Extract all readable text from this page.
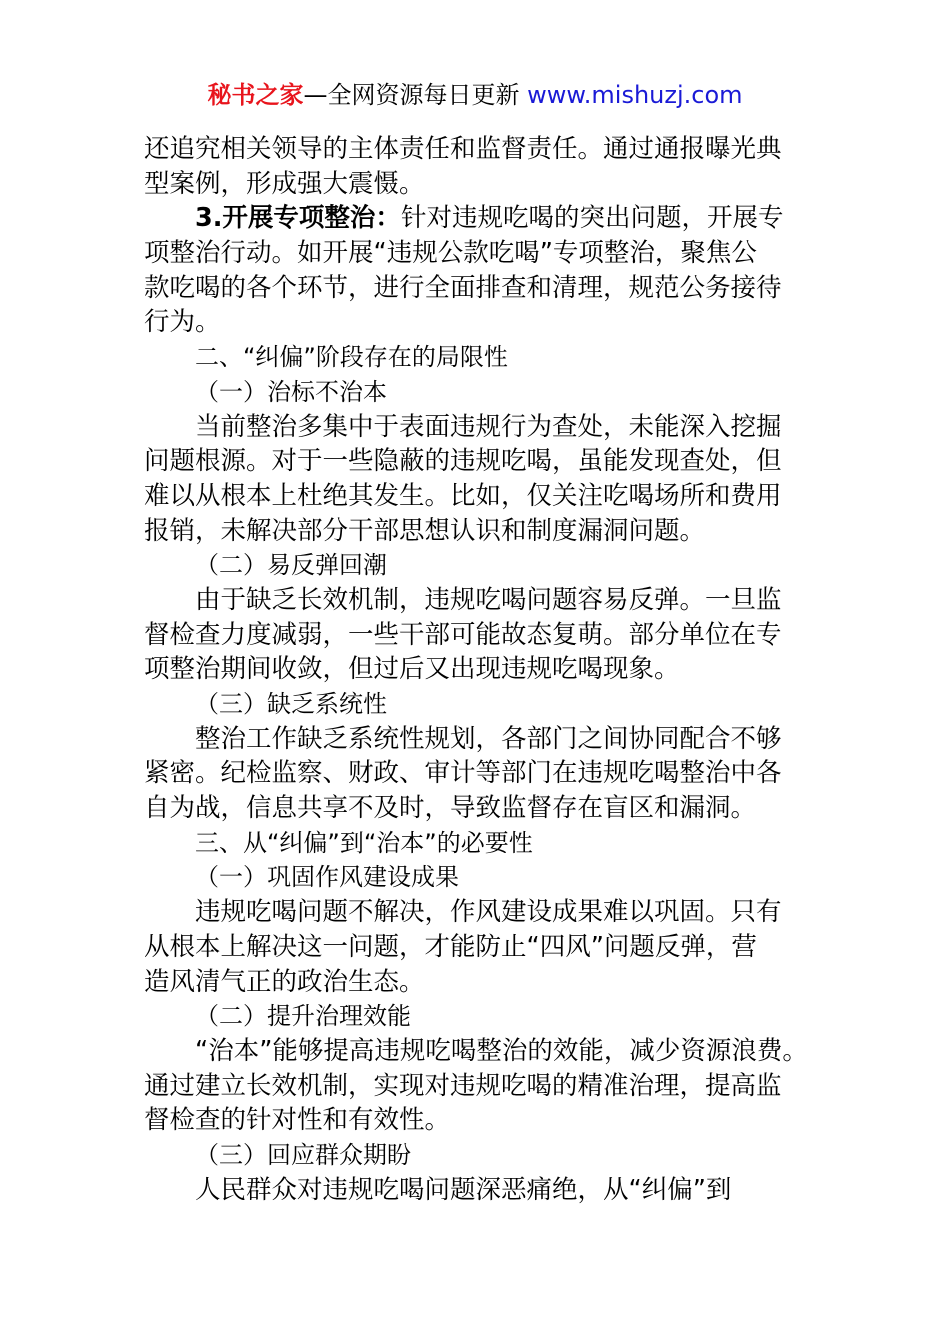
秘书之家—全网资源每日更新 www.mishuzj.com
还追究相关领导的主体责任和监督责任。通过通报曝光典
型案例，形成强大震慑。
3.开展专项整治：针对违规吃喝的突出问题，开展专
项整治行动。如开展“违规公款吃喝”专项整治，聚焦公
款吃喝的各个环节，进行全面排查和清理，规范公务接待
行为。
二、“纠偏”阶段存在的局限性
（一）治标不治本
当前整治多集中于表面违规行为查处，未能深入挖掘
问题根源。对于一些隐蔽的违规吃喝，虽能发现查处，但
难以从根本上杜绝其发生。比如，仅关注吃喝场所和费用
报销，未解决部分干部思想认识和制度漏洞问题。
（二）易反弹回潮
由于缺乏长效机制，违规吃喝问题容易反弹。一旦监
督检查力度减弱，一些干部可能故态复萌。部分单位在专
项整治期间收敛，但过后又出现违规吃喝现象。
（三）缺乏系统性
整治工作缺乏系统性规划，各部门之间协同配合不够
紧密。纪检监察、财政、审计等部门在违规吃喝整治中各
自为战，信息共享不及时，导致监督存在盲区和漏洞。
三、从“纠偏”到“治本”的必要性
（一）巩固作风建设成果
违规吃喝问题不解决，作风建设成果难以巩固。只有
从根本上解决这一问题，才能防止“四风”问题反弹，营
造风清气正的政治生态。
（二）提升治理效能
“治本”能够提高违规吃喝整治的效能，减少资源浪费。
通过建立长效机制，实现对违规吃喝的精准治理，提高监
督检查的针对性和有效性。
（三）回应群众期盼
人民群众对违规吃喝问题深恶痛绝，从“纠偏”到
